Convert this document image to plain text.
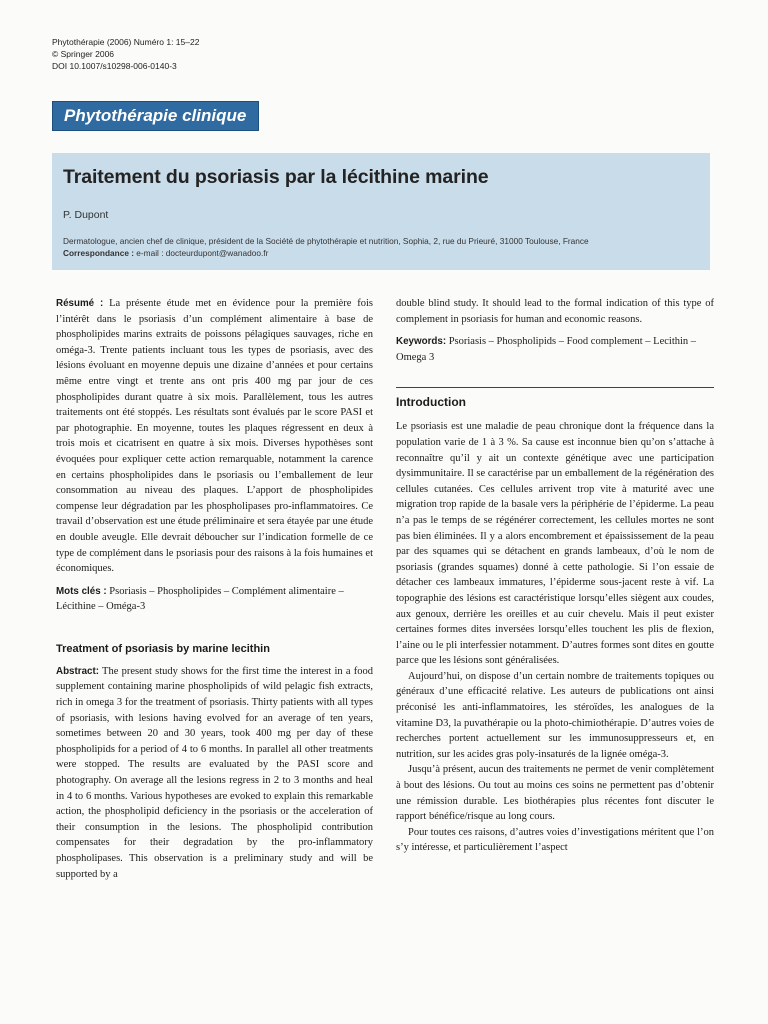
Phytothérapie (2006) Numéro 1: 15–22
© Springer 2006
DOI 10.1007/s10298-006-0140-3
Phytothérapie clinique
Traitement du psoriasis par la lécithine marine
P. Dupont
Dermatologue, ancien chef de clinique, président de la Société de phytothérapie et nutrition, Sophia, 2, rue du Prieuré, 31000 Toulouse, France
Correspondance : e-mail : docteurdupont@wanadoo.fr

Résumé : La présente étude met en évidence pour la première fois l’intérêt dans le psoriasis d’un complément alimentaire à base de phospholipides marins extraits de poissons pélagiques sauvages, riche en oméga-3. Trente patients incluant tous les types de psoriasis, avec des lésions évoluant en moyenne depuis une dizaine d’années et pour certains même entre vingt et trente ans ont pris 400 mg par jour de ces phospholipides durant quatre à six mois. Parallèlement, tous les autres traitements ont été stoppés. Les résultats sont évalués par le score PASI et par photographie. En moyenne, toutes les plaques régressent en deux à trois mois et cicatrisent en quatre à six mois. Diverses hypothèses sont évoquées pour expliquer cette action remarquable, notamment la carence en certains phospholipides dans le psoriasis ou l’emballement de leur consommation au niveau des plaques. L’apport de phospholipides compense leur dégradation par les phospholipases pro-inflammatoires. Ce travail d’observation est une étude préliminaire et sera étayée par une étude en double aveugle. Elle devrait déboucher sur l’indication formelle de ce type de complément dans le psoriasis pour des raisons à la fois humaines et économiques.

Mots clés : Psoriasis – Phospholipides – Complément alimentaire – Lécithine – Oméga-3

Treatment of psoriasis by marine lecithin

Abstract: The present study shows for the first time the interest in a food supplement containing marine phospholipids of wild pelagic fish extracts, rich in omega 3 for the treatment of psoriasis. Thirty patients with all types of psoriasis, with lesions having evolved for an average of ten years, sometimes between 20 and 30 years, took 400 mg per day of these phospholipids for a period of 4 to 6 months. In parallel all other treatments were stopped. The results are evaluated by the PASI score and photography. On average all the lesions regress in 2 to 3 months and heal in 4 to 6 months. Various hypotheses are evoked to explain this remarkable action, the phospholipid deficiency in the psoriasis or the acceleration of their consumption in the lesions. The phospholipid contribution compensates for their degradation by the pro-inflammatory phospholipases. This observation is a preliminary study and will be supported by a

double blind study. It should lead to the formal indication of this type of complement in psoriasis for human and economic reasons.

Keywords: Psoriasis – Phospholipids – Food complement – Lecithin – Omega 3

Introduction

Le psoriasis est une maladie de peau chronique dont la fréquence dans la population varie de 1 à 3 %. Sa cause est inconnue bien qu’on s’attache à reconnaître qu’il y ait un contexte génétique avec une participation dysimmunitaire. Il se caractérise par un emballement de la régénération des cellules cutanées. Ces cellules arrivent trop vite à maturité avec une migration trop rapide de la basale vers la périphérie de l’épiderme. La peau n’a pas le temps de se régénérer correctement, les cellules mortes ne sont pas bien éliminées. Il y a alors encombrement et épaississement de la peau par des squames qui se détachent en grands lambeaux, d’où le nom de psoriasis (grandes squames) donné à cette pathologie. Si l’on essaie de détacher ces lambeaux immatures, l’épiderme sous-jacent reste à vif. La topographie des lésions est caractéristique lorsqu’elles siègent aux coudes, aux genoux, derrière les oreilles et au cuir chevelu. Mais il peut exister certaines formes dites inversées lorsqu’elles touchent les plis de flexion, l’aine ou le pli interfessier notamment. D’autres formes sont dites en goutte parce que les lésions sont généralisées.

Aujourd’hui, on dispose d’un certain nombre de traitements topiques ou généraux d’une efficacité relative. Les auteurs de publications ont ainsi préconisé les anti-inflammatoires, les stéroïdes, les analogues de la vitamine D3, la puvathérapie ou la photo-chimiothérapie. D’autres voies de recherches portent actuellement sur les immunosuppresseurs et, en nutrition, sur les acides gras poly-insaturés de la lignée oméga-3.

Jusqu’à présent, aucun des traitements ne permet de venir complètement à bout des lésions. Ou tout au moins ces soins ne permettent pas d’obtenir une rémission durable. Les biothérapies plus récentes font discuter le rapport bénéfice/risque au long cours.

Pour toutes ces raisons, d’autres voies d’investigations méritent que l’on s’y intéresse, et particulièrement l’aspect
